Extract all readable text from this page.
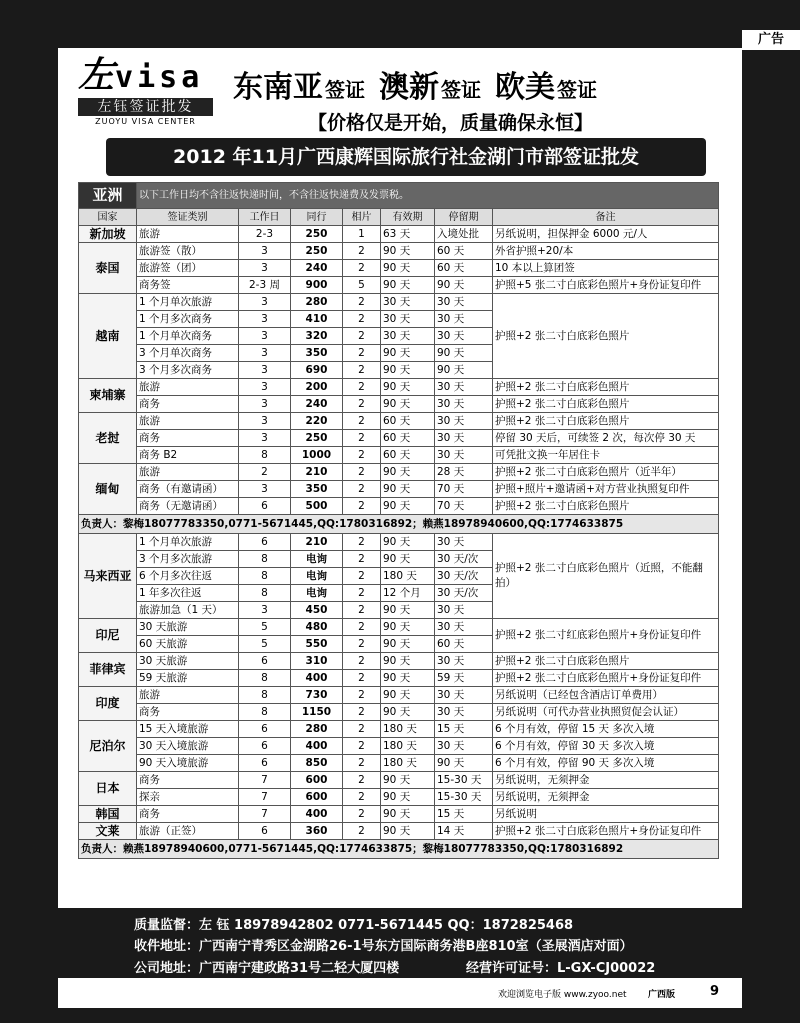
广告
左visa
左钰签证批发
ZUOYU VISA CENTER
东南亚 签证 澳新 签证 欧美 签证
【价格仅是开始，质量确保永恒】
2012 年11月广西康辉国际旅行社金湖门市部签证批发
亚洲	以下工作日均不含往返快递时间，不含往返快递费及发票税。						
国家	签证类别	工作日	同行	相片	有效期	停留期	备注
新加坡	旅游	2-3	250	1	63 天	入境处批	另纸说明，担保押金 6000 元/人
泰国	旅游签（散）	3	250	2	90 天	60 天	外省护照+20/本
	旅游签（团）	3	240	2	90 天	60 天	10 本以上算团签
	商务签	2-3 周	900	5	90 天	90 天	护照+5 张二寸白底彩色照片+身份证复印件
越南	1 个月单次旅游	3	280	2	30 天	30 天	护照+2 张二寸白底彩色照片
	1 个月多次商务	3	410	2	30 天	30 天	
	1 个月单次商务	3	320	2	30 天	30 天	
	3 个月单次商务	3	350	2	90 天	90 天	
	3 个月多次商务	3	690	2	90 天	90 天	
柬埔寨	旅游	3	200	2	90 天	30 天	护照+2 张二寸白底彩色照片
	商务	3	240	2	90 天	30 天	护照+2 张二寸白底彩色照片
老挝	旅游	3	220	2	60 天	30 天	护照+2 张二寸白底彩色照片
	商务	3	250	2	60 天	30 天	停留 30 天后，可续签 2 次，每次停 30 天
	商务 B2	8	1000	2	60 天	30 天	可凭批文换一年居住卡
缅甸	旅游	2	210	2	90 天	28 天	护照+2 张二寸白底彩色照片（近半年）
	商务（有邀请函）	3	350	2	90 天	70 天	护照+照片+邀请函+对方营业执照复印件
	商务（无邀请函）	6	500	2	90 天	70 天	护照+2 张二寸白底彩色照片
负责人：黎梅18077783350,0771-5671445,QQ:1780316892；赖燕18978940600,QQ:1774633875							
马来西亚	1 个月单次旅游	6	210	2	90 天	30 天	护照+2 张二寸白底彩色照片（近照，不能翻拍）
	3 个月多次旅游	8	电询	2	90 天	30 天/次	
	6 个月多次往返	8	电询	2	180 天	30 天/次	
	1 年多次往返	8	电询	2	12 个月	30 天/次	
	旅游加急（1 天）	3	450	2	90 天	30 天	
印尼	30 天旅游	5	480	2	90 天	30 天	护照+2 张二寸红底彩色照片+身份证复印件
	60 天旅游	5	550	2	90 天	60 天	
菲律宾	30 天旅游	6	310	2	90 天	30 天	护照+2 张二寸白底彩色照片
	59 天旅游	8	400	2	90 天	59 天	护照+2 张二寸白底彩色照片+身份证复印件
印度	旅游	8	730	2	90 天	30 天	另纸说明（已经包含酒店订单费用）
	商务	8	1150	2	90 天	30 天	另纸说明（可代办营业执照贸促会认证）
尼泊尔	15 天入境旅游	6	280	2	180 天	15 天	6 个月有效，停留 15 天 多次入境
	30 天入境旅游	6	400	2	180 天	30 天	6 个月有效，停留 30 天 多次入境
	90 天入境旅游	6	850	2	180 天	90 天	6 个月有效，停留 90 天 多次入境
日本	商务	7	600	2	90 天	15-30 天	另纸说明，无须押金
	探亲	7	600	2	90 天	15-30 天	另纸说明，无须押金
韩国	商务	7	400	2	90 天	15 天	另纸说明
文莱	旅游（正签）	6	360	2	90 天	14 天	护照+2 张二寸白底彩色照片+身份证复印件
负责人：赖燕18978940600,0771-5671445,QQ:1774633875；黎梅18077783350,QQ:1780316892							
质量监督：左 钰 18978942802 0771-5671445 QQ：1872825468
收件地址：广西南宁青秀区金湖路26-1号东方国际商务港B座810室（圣展酒店对面）
公司地址：广西南宁建政路31号二轻大厦四楼	经营许可证号：L-GX-CJ00022
欢迎浏览电子版 www.zyoo.net 广西版	9
